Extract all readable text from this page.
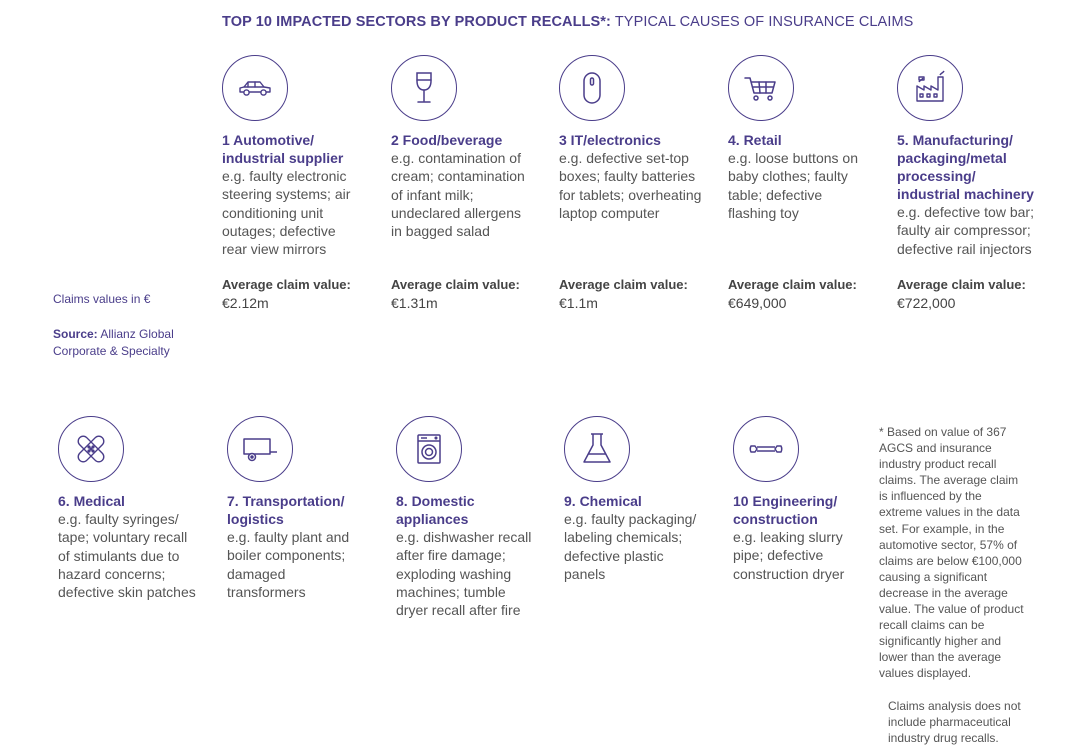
TOP 10 IMPACTED SECTORS BY PRODUCT RECALLS*: TYPICAL CAUSES OF INSURANCE CLAIMS
Claims values in €
Source: Allianz Global
Corporate & Specialty
1 Automotive/
industrial supplier
e.g. faulty electronic
steering systems; air
conditioning unit
outages; defective
rear view mirrors
Average claim value:
€2.12m
2 Food/beverage
e.g. contamination of
cream; contamination
of infant milk;
undeclared allergens
in bagged salad
Average claim value:
€1.31m
3 IT/electronics
e.g. defective set-top
boxes; faulty batteries
for tablets; overheating
laptop computer
Average claim value:
€1.1m
4. Retail
e.g. loose buttons on
baby clothes; faulty
table; defective
flashing toy
Average claim value:
€649,000
5. Manufacturing/
packaging/metal
processing/
industrial machinery
e.g. defective tow bar;
faulty air compressor;
defective rail injectors
Average claim value:
€722,000
6. Medical
e.g. faulty syringes/
tape; voluntary recall
of stimulants due to
hazard concerns;
defective skin patches
7. Transportation/
logistics
e.g. faulty plant and
boiler components;
damaged
transformers
8. Domestic
appliances
e.g. dishwasher recall
after fire damage;
exploding washing
machines; tumble
dryer recall after fire
9. Chemical
e.g. faulty packaging/
labeling chemicals;
defective plastic
panels
10 Engineering/
construction
e.g. leaking slurry
pipe; defective
construction dryer

* Based on value of 367
AGCS and insurance
industry product recall
claims. The average claim
is influenced by the
extreme values in the data
set. For example, in the
automotive sector, 57% of
claims are below €100,000
causing a significant
decrease in the average
value. The value of product
recall claims can be
significantly higher and
lower than the average
values displayed.

Claims analysis does not
include pharmaceutical
industry drug recalls.
